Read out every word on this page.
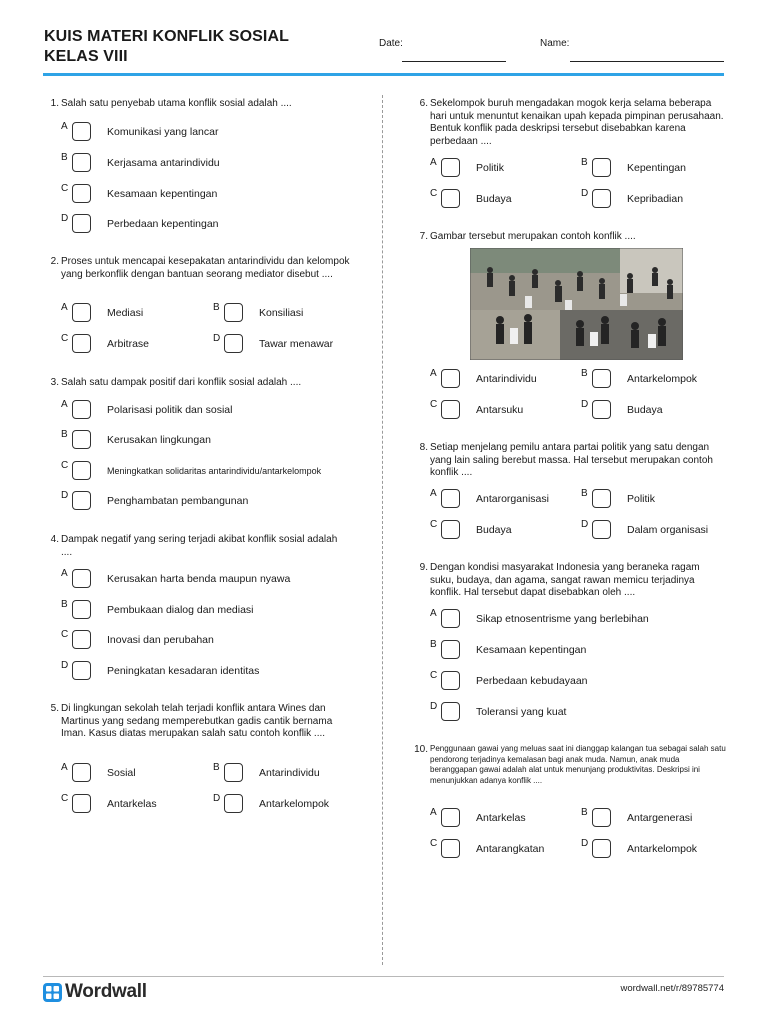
KUIS MATERI KONFLIK SOSIAL KELAS VIII
Date:	Name:
1. Salah satu penyebab utama konflik sosial adalah ....
A	Komunikasi yang lancar
B	Kerjasama antarindividu
C	Kesamaan kepentingan
D	Perbedaan kepentingan
2. Proses untuk mencapai kesepakatan antarindividu dan kelompok yang berkonflik dengan bantuan seorang mediator disebut ....
A	Mediasi	B	Konsiliasi
C	Arbitrase	D	Tawar menawar
3. Salah satu dampak positif dari konflik sosial adalah ....
A	Polarisasi politik dan sosial
B	Kerusakan lingkungan
C	Meningkatkan solidaritas antarindividu/antarkelompok
D	Penghambatan pembangunan
4. Dampak negatif yang sering terjadi akibat konflik sosial adalah ....
A	Kerusakan harta benda maupun nyawa
B	Pembukaan dialog dan mediasi
C	Inovasi dan perubahan
D	Peningkatan kesadaran identitas
5. Di lingkungan sekolah telah terjadi konflik antara Wines dan Martinus yang sedang memperebutkan gadis cantik bernama Iman. Kasus diatas merupakan salah satu contoh konflik ....
A	Sosial	B	Antarindividu
C	Antarkelas	D	Antarkelompok
6. Sekelompok buruh mengadakan mogok kerja selama beberapa hari untuk menuntut kenaikan upah kepada pimpinan perusahaan. Bentuk konflik pada deskripsi tersebut disebabkan karena perbedaan ....
A	Politik	B	Kepentingan
C	Budaya	D	Kepribadian
7. Gambar tersebut merupakan contoh konflik ....
A	Antarindividu	B	Antarkelompok
C	Antarsuku	D	Budaya
8. Setiap menjelang pemilu antara partai politik yang satu dengan yang lain saling berebut massa. Hal tersebut merupakan contoh konflik ....
A	Antarorganisasi	B	Politik
C	Budaya	D	Dalam organisasi
9. Dengan kondisi masyarakat Indonesia yang beraneka ragam suku, budaya, dan agama, sangat rawan memicu terjadinya konflik. Hal tersebut dapat disebabkan oleh ....
A	Sikap etnosentrisme yang berlebihan
B	Kesamaan kepentingan
C	Perbedaan kebudayaan
D	Toleransi yang kuat
10. Penggunaan gawai yang meluas saat ini dianggap kalangan tua sebagai salah satu pendorong terjadinya kemalasan bagi anak muda. Namun, anak muda beranggapan gawai adalah alat untuk menunjang produktivitas. Deskripsi ini menunjukkan adanya konflik ....
A	Antarkelas	B	Antargenerasi
C	Antarangkatan	D	Antarkelompok
Wordwall	wordwall.net/r/89785774
